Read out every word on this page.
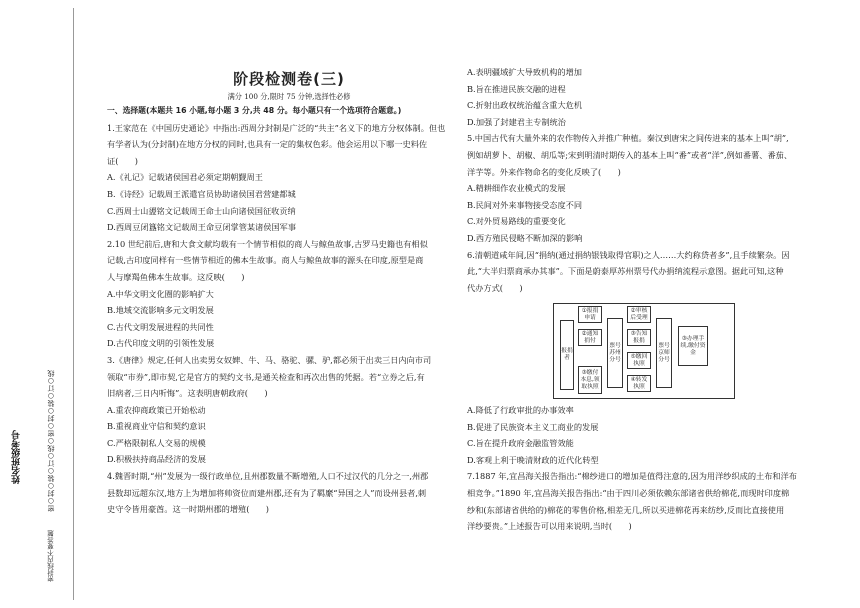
姓名班级考号	密○封○装○订○线○密○封○装○订○线
密封线内不要答题
阶段检测卷(三)
满分 100 分,限时 75 分钟,选择性必修

一、选择题(本题共 16 小题,每小题 3 分,共 48 分。每小题只有一个选项符合题意。)

1.王家范在《中国历史通论》中指出:西周分封制是广泛的“共主”名义下的地方分权体制。但也

有学者认为(分封制)在地方分权的同时,也具有一定的集权色彩。他会运用以下哪一史料佐

证(　　)

A.《礼记》记载诸侯国君必须定期朝觐周王

B.《诗经》记载周王派遣官员协助诸侯国君营建都城

C.西周士山盨铭文记载周王命士山向诸侯国征收贡纳

D.西周豆闭簋铭文记载周王命豆闭掌管某诸侯国军事

2.10 世纪前后,唐和大食文献均载有一个情节相似的商人与鲸鱼故事,古罗马史籍也有相似

记载,古印度同样有一些情节相近的佛本生故事。商人与鲸鱼故事的源头在印度,原型是商

人与摩羯鱼佛本生故事。这反映(　　)

A.中华文明文化圈的影响扩大

B.地域交流影响多元文明发展

C.古代文明发展进程的共同性

D.古代印度文明的引领性发展

3.《唐律》规定,任何人出卖男女奴婢、牛、马、骆驼、骡、驴,都必须于出卖三日内向市司

领取“市券”,即市契,它是官方的契约文书,是通关检查和再次出售的凭据。若“立券之后,有

旧病者,三日内听悔”。这表明唐朝政府(　　)

A.重农抑商政策已开始松动

B.重视商业守信和契约意识

C.严格限制私人交易的规模

D.积极扶持商品经济的发展

4.魏晋时期,“州”发展为一级行政单位,且州郡数量不断增殖,人口不过汉代的几分之一,州郡

县数却远超东汉,地方上为增加将帅资位而建州郡,还有为了羁縻“异国之人”而设州县者,刺

史守令皆用豪酋。这一时期州郡的增殖(　　)

A.表明疆域扩大导致机构的增加

B.旨在推进民族交融的进程

C.折射出政权统治蕴含重大危机

D.加强了封建君主专制统治

5.中国古代有大量外来的农作物传入并推广种植。秦汉到唐宋之间传进来的基本上叫“胡”,

例如胡萝卜、胡椒、胡瓜等;宋到明清时期传入的基本上叫“番”或者“洋”,例如番薯、番茄、

洋芋等。外来作物命名的变化反映了(　　)

A.精耕细作农业模式的发展

B.民间对外来事物接受态度不同

C.对外贸易路线的重要变化

D.西方殖民侵略不断加深的影响

6.清朝道咸年间,因“捐纳(通过捐纳银钱取得官职)之人……大约称贷者多”,且手续繁杂。因

此,“大半归票商承办其事”。下面是蔚泰厚苏州票号代办捐纳流程示意图。据此可知,这种

代办方式(　　)

报捐者
①报捐申请
②通知捐付
③缴付本息,领取执照
票号苏州分号
②审核后受理
③告知报捐
⑤缴回执照
④转发执照
票号京师分号
③办理手续,缴付资金

A.降低了行政审批的办事效率

B.促进了民族资本主义工商业的发展

C.旨在提升政府金融监管效能

D.客观上利于晚清财政的近代化转型

7.1887 年,宜昌海关报告指出:“棉纱进口的增加是值得注意的,因为用洋纱织成的土布和洋布

相竞争。”1890 年,宜昌海关报告指出:“由于四川必须依赖东部诸省供给棉花,而现时印度棉

纱和(东部诸省供给的)棉花的零售价格,相差无几,所以买进棉花再来纺纱,反而比直接使用

洋纱要贵。”上述报告可以用来说明,当时(　　)
